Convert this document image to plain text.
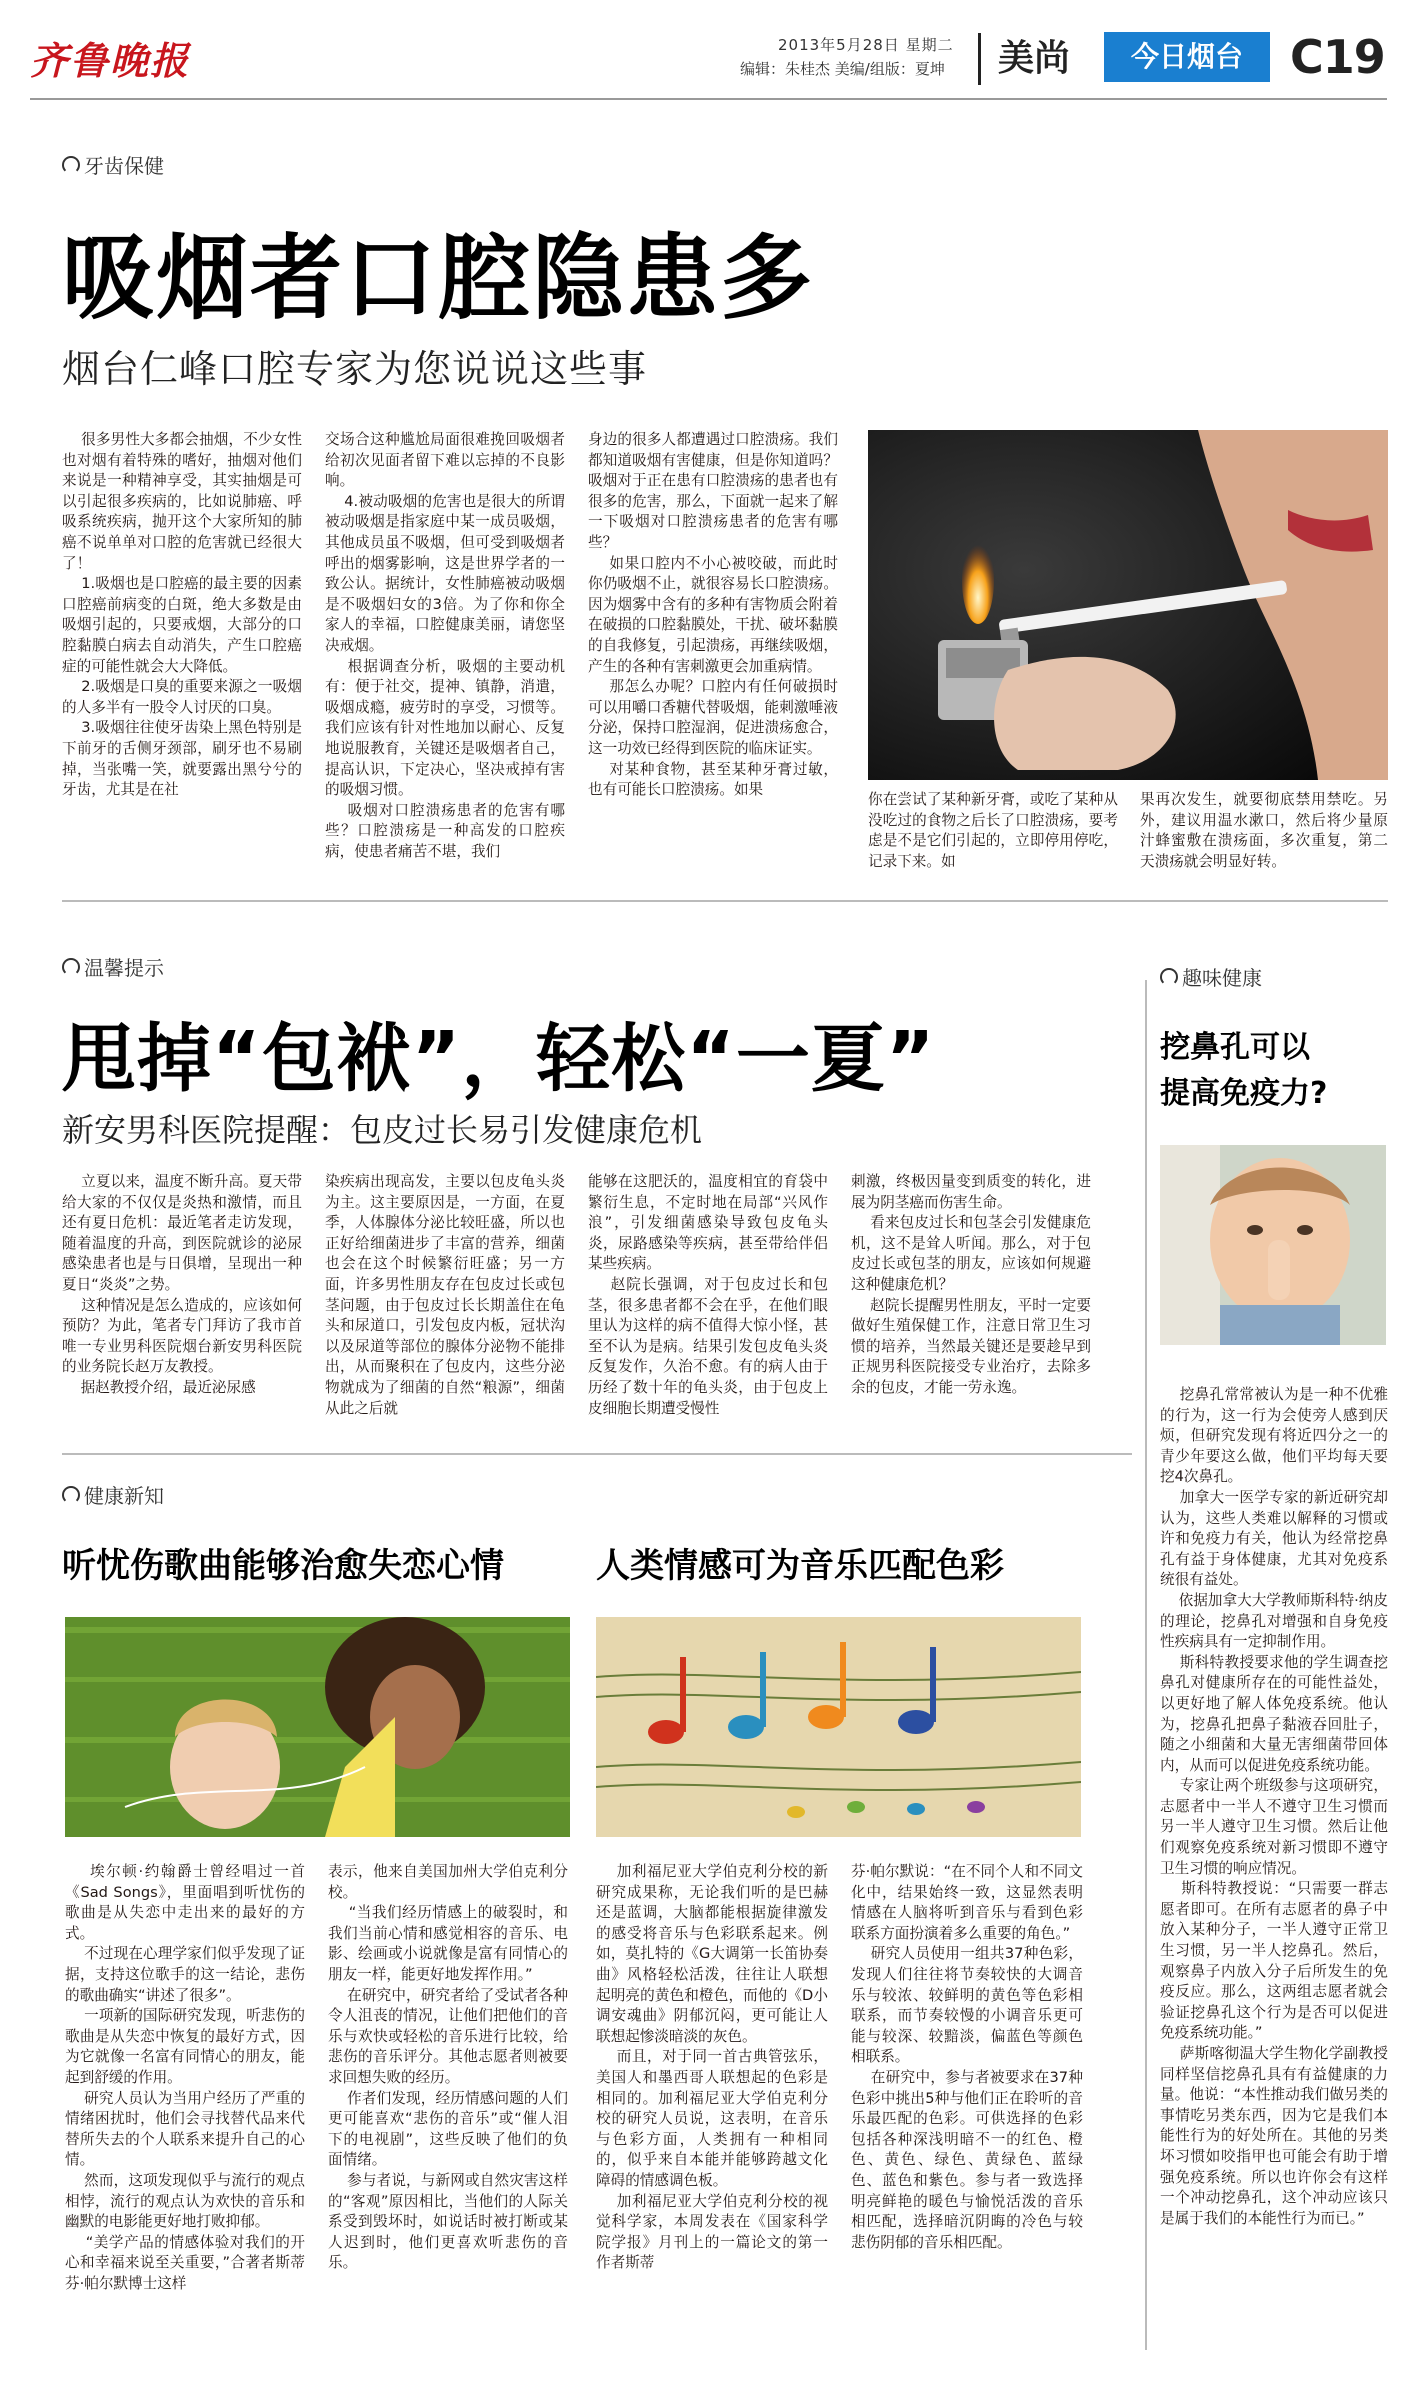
齐鲁晚报	2013年5月28日 星期二
编辑：朱桂杰 美编/组版：夏坤 美尚	今日烟台	C19
牙齿保健
吸烟者口腔隐患多
烟台仁峰口腔专家为您说说这些事
很多男性大多都会抽烟，不少女性也对烟有着特殊的嗜好，抽烟对他们来说是一种精神享受，其实抽烟是可以引起很多疾病的，比如说肺癌、呼吸系统疾病，抛开这个大家所知的肺癌不说单单对口腔的危害就已经很大了！
1.吸烟也是口腔癌的最主要的因素口腔癌前病变的白斑，绝大多数是由吸烟引起的，只要戒烟，大部分的口腔黏膜白病去自动消失，产生口腔癌症的可能性就会大大降低。
2.吸烟是口臭的重要来源之一吸烟的人多半有一股令人讨厌的口臭。
3.吸烟往往使牙齿染上黑色特别是下前牙的舌侧牙颈部，刷牙也不易刷掉，当张嘴一笑，就要露出黑兮兮的牙齿，尤其是在社
交场合这种尴尬局面很难挽回吸烟者给初次见面者留下难以忘掉的不良影响。
4.被动吸烟的危害也是很大的所谓被动吸烟是指家庭中某一成员吸烟，其他成员虽不吸烟，但可受到吸烟者呼出的烟雾影响，这是世界学者的一致公认。据统计，女性肺癌被动吸烟是不吸烟妇女的3倍。为了你和你全家人的幸福，口腔健康美丽，请您坚决戒烟。
根据调查分析，吸烟的主要动机有：便于社交，提神、镇静，消遣，吸烟成瘾，疲劳时的享受，习惯等。我们应该有针对性地加以耐心、反复地说服教育，关键还是吸烟者自己，提高认识，下定决心，坚决戒掉有害的吸烟习惯。
吸烟对口腔溃疡患者的危害有哪些？口腔溃疡是一种高发的口腔疾病，使患者痛苦不堪，我们
身边的很多人都遭遇过口腔溃疡。我们都知道吸烟有害健康，但是你知道吗？吸烟对于正在患有口腔溃疡的患者也有很多的危害，那么，下面就一起来了解一下吸烟对口腔溃疡患者的危害有哪些？
如果口腔内不小心被咬破，而此时你仍吸烟不止，就很容易长口腔溃疡。因为烟雾中含有的多种有害物质会附着在破损的口腔黏膜处，干扰、破坏黏膜的自我修复，引起溃疡，再继续吸烟，产生的各种有害刺激更会加重病情。
那怎么办呢？口腔内有任何破损时可以用嚼口香糖代替吸烟，能刺激唾液分泌，保持口腔湿润，促进溃疡愈合，这一功效已经得到医院的临床证实。
对某种食物，甚至某种牙膏过敏，也有可能长口腔溃疡。如果
你在尝试了某种新牙膏，或吃了某种从没吃过的食物之后长了口腔溃疡，要考虑是不是它们引起的，立即停用停吃，记录下来。如
果再次发生，就要彻底禁用禁吃。另外，建议用温水漱口，然后将少量原汁蜂蜜敷在溃疡面，多次重复，第二天溃疡就会明显好转。
温馨提示
甩掉“包袱”，轻松“一夏”
新安男科医院提醒：包皮过长易引发健康危机
立夏以来，温度不断升高。夏天带给大家的不仅仅是炎热和激情，而且还有夏日危机：最近笔者走访发现，随着温度的升高，到医院就诊的泌尿感染患者也是与日俱增，呈现出一种夏日“炎炎”之势。
这种情况是怎么造成的，应该如何预防？为此，笔者专门拜访了我市首唯一专业男科医院烟台新安男科医院的业务院长赵万友教授。
据赵教授介绍，最近泌尿感
染疾病出现高发，主要以包皮龟头炎为主。这主要原因是，一方面，在夏季，人体腺体分泌比较旺盛，所以也正好给细菌进步了丰富的营养，细菌也会在这个时候繁衍旺盛；另一方面，许多男性朋友存在包皮过长或包茎问题，由于包皮过长长期盖住在龟头和尿道口，引发包皮内板，冠状沟以及尿道等部位的腺体分泌物不能排出，从而聚积在了包皮内，这些分泌物就成为了细菌的自然“粮源”，细菌从此之后就
能够在这肥沃的，温度相宜的育袋中繁衍生息，不定时地在局部“兴风作浪”，引发细菌感染导致包皮龟头炎，尿路感染等疾病，甚至带给伴侣某些疾病。
赵院长强调，对于包皮过长和包茎，很多患者都不会在乎，在他们眼里认为这样的病不值得大惊小怪，甚至不认为是病。结果引发包皮龟头炎反复发作，久治不愈。有的病人由于历经了数十年的龟头炎，由于包皮上皮细胞长期遭受慢性
刺激，终极因量变到质变的转化，进展为阴茎癌而伤害生命。
看来包皮过长和包茎会引发健康危机，这不是耸人听闻。那么，对于包皮过长或包茎的朋友，应该如何规避这种健康危机？
赵院长提醒男性朋友，平时一定要做好生殖保健工作，注意日常卫生习惯的培养，当然最关键还是要趁早到正规男科医院接受专业治疗，去除多余的包皮，才能一劳永逸。
趣味健康
挖鼻孔可以
提高免疫力?
挖鼻孔常常被认为是一种不优雅的行为，这一行为会使旁人感到厌烦，但研究发现有将近四分之一的青少年要这么做，他们平均每天要挖4次鼻孔。
加拿大一医学专家的新近研究却认为，这些人类难以解释的习惯或许和免疫力有关，他认为经常挖鼻孔有益于身体健康，尤其对免疫系统很有益处。
依据加拿大大学教师斯科特·纳皮的理论，挖鼻孔对增强和自身免疫性疾病具有一定抑制作用。
斯科特教授要求他的学生调查挖鼻孔对健康所存在的可能性益处，以更好地了解人体免疫系统。他认为，挖鼻孔把鼻子黏液吞回肚子，随之小细菌和大量无害细菌带回体内，从而可以促进免疫系统功能。
专家让两个班级参与这项研究，志愿者中一半人不遵守卫生习惯而另一半人遵守卫生习惯。然后让他们观察免疫系统对新习惯即不遵守卫生习惯的响应情况。
斯科特教授说：“只需要一群志愿者即可。在所有志愿者的鼻子中放入某种分子，一半人遵守正常卫生习惯，另一半人挖鼻孔。然后，观察鼻子内放入分子后所发生的免疫反应。那么，这两组志愿者就会验证挖鼻孔这个行为是否可以促进免疫系统功能。”
萨斯喀彻温大学生物化学副教授同样坚信挖鼻孔具有有益健康的力量。他说：“本性推动我们做另类的事情吃另类东西，因为它是我们本能性行为的好处所在。其他的另类坏习惯如咬指甲也可能会有助于增强免疫系统。所以也许你会有这样一个冲动挖鼻孔，这个冲动应该只是属于我们的本能性行为而已。”
健康新知
听忧伤歌曲能够治愈失恋心情	人类情感可为音乐匹配色彩
埃尔顿·约翰爵士曾经唱过一首《Sad Songs》，里面唱到听忧伤的歌曲是从失恋中走出来的最好的方式。
不过现在心理学家们似乎发现了证据，支持这位歌手的这一结论，悲伤的歌曲确实“讲述了很多”。
一项新的国际研究发现，听悲伤的歌曲是从失恋中恢复的最好方式，因为它就像一名富有同情心的朋友，能起到舒缓的作用。
研究人员认为当用户经历了严重的情绪困扰时，他们会寻找替代品来代替所失去的个人联系来提升自己的心情。
然而，这项发现似乎与流行的观点相悖，流行的观点认为欢快的音乐和幽默的电影能更好地打败抑郁。
“美学产品的情感体验对我们的开心和幸福来说至关重要，”合著者斯蒂芬·帕尔默博士这样
表示，他来自美国加州大学伯克利分校。
“当我们经历情感上的破裂时，和我们当前心情和感觉相容的音乐、电影、绘画或小说就像是富有同情心的朋友一样，能更好地发挥作用。”
在研究中，研究者给了受试者各种令人沮丧的情况，让他们把他们的音乐与欢快或轻松的音乐进行比较，给悲伤的音乐评分。其他志愿者则被要求回想失败的经历。
作者们发现，经历情感问题的人们更可能喜欢“悲伤的音乐”或“催人泪下的电视剧”，这些反映了他们的负面情绪。
参与者说，与新网或自然灾害这样的“客观”原因相比，当他们的人际关系受到毁坏时，如说话时被打断或某人迟到时，他们更喜欢听悲伤的音乐。
加利福尼亚大学伯克利分校的新研究成果称，无论我们听的是巴赫还是蓝调，大脑都能根据旋律激发的感受将音乐与色彩联系起来。例如，莫扎特的《G大调第一长笛协奏曲》风格轻松活泼，往往让人联想起明亮的黄色和橙色，而他的《D小调安魂曲》阴郁沉闷，更可能让人联想起惨淡暗淡的灰色。
而且，对于同一首古典管弦乐，美国人和墨西哥人联想起的色彩是相同的。加利福尼亚大学伯克利分校的研究人员说，这表明，在音乐与色彩方面，人类拥有一种相同的，似乎来自本能并能够跨越文化障碍的情感调色板。
加利福尼亚大学伯克利分校的视觉科学家，本周发表在《国家科学院学报》月刊上的一篇论文的第一作者斯蒂
芬·帕尔默说：“在不同个人和不同文化中，结果始终一致，这显然表明情感在人脑将听到音乐与看到色彩联系方面扮演着多么重要的角色。”
研究人员使用一组共37种色彩，发现人们往往将节奏较快的大调音乐与较浓、较鲜明的黄色等色彩相联系，而节奏较慢的小调音乐更可能与较深、较黯淡，偏蓝色等颜色相联系。
在研究中，参与者被要求在37种色彩中挑出5种与他们正在聆听的音乐最匹配的色彩。可供选择的色彩包括各种深浅明暗不一的红色、橙色、黄色、绿色、黄绿色、蓝绿色、蓝色和紫色。参与者一致选择明亮鲜艳的暖色与愉悦活泼的音乐相匹配，选择暗沉阴晦的冷色与较悲伤阴郁的音乐相匹配。
